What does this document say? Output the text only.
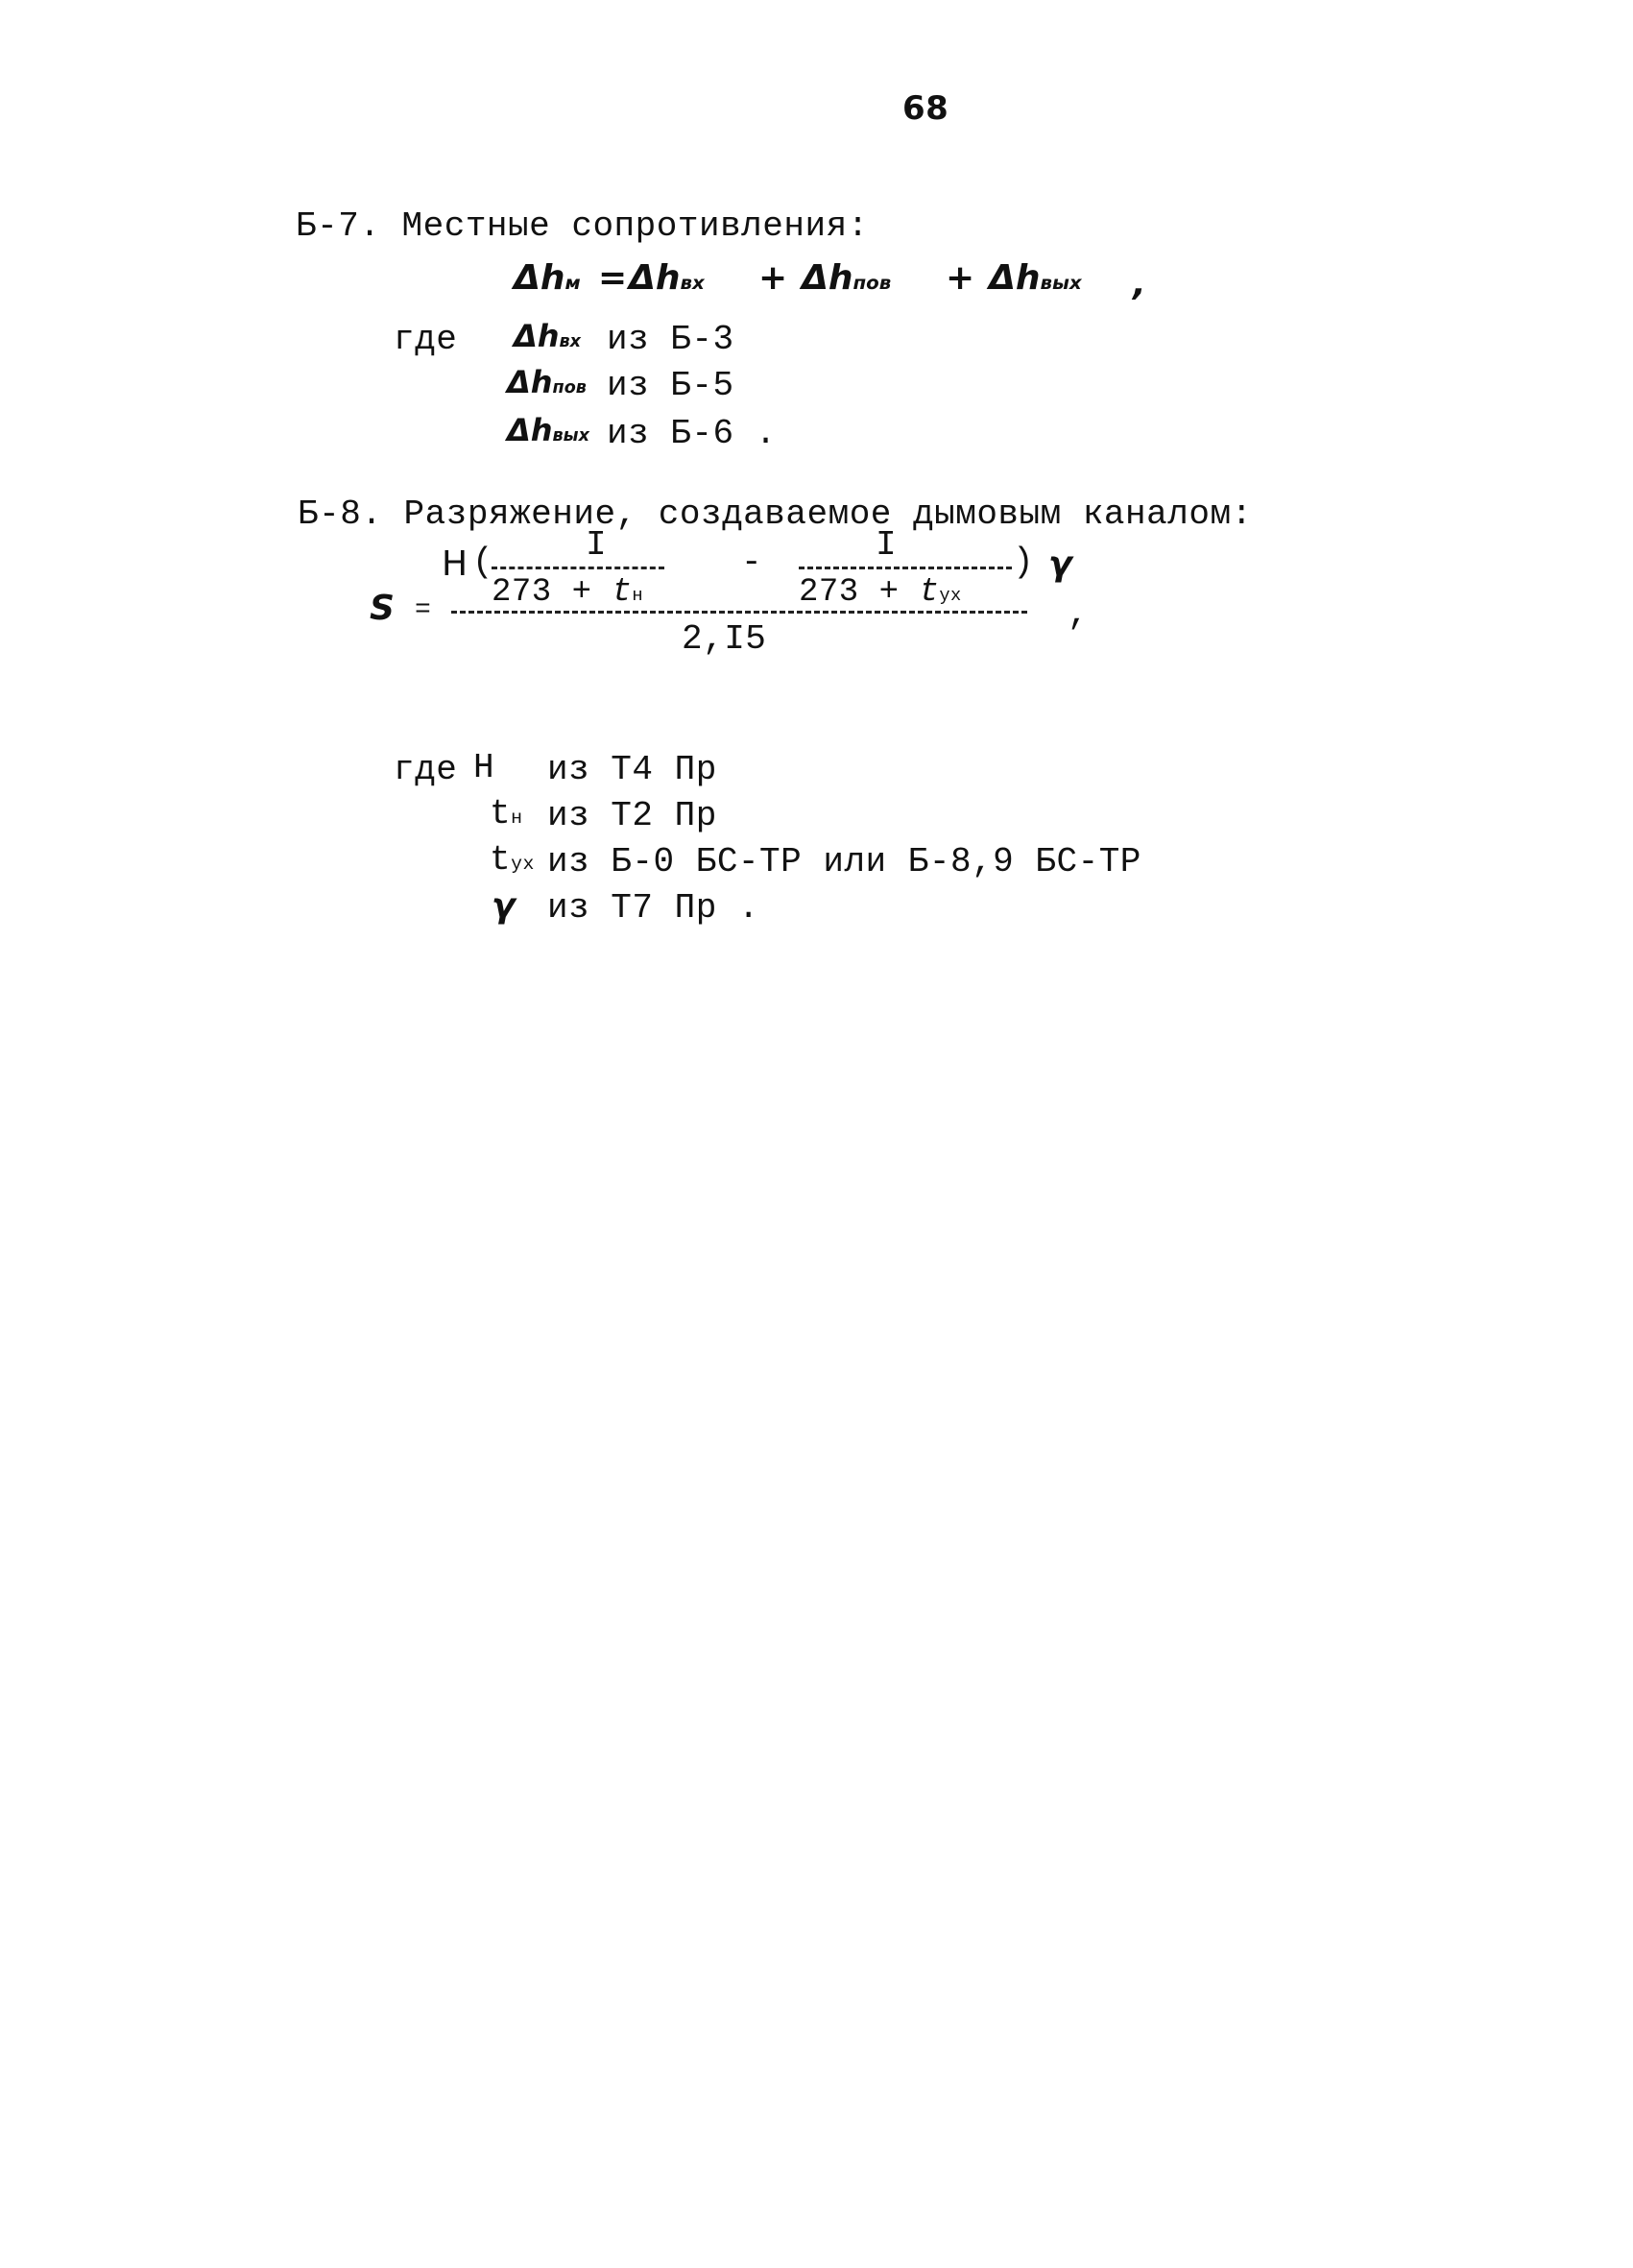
68
Б-7. Местные сопротивления:
Δhм = Δhвх + Δhпов + Δhвых ,
где Δhвх из Б-3
Δhпов из Б-5
Δhвых из Б-6 .
Б-8. Разряжение, создаваемое дымовым каналом:
H (	I
273 + tн
-	I
273 + tух
) γ
S =
2,I5
,
где H из Т4 Пр
tн из Т2 Пр
tух из Б-0 БС-ТР или Б-8,9 БС-ТР
γ из Т7 Пр .
